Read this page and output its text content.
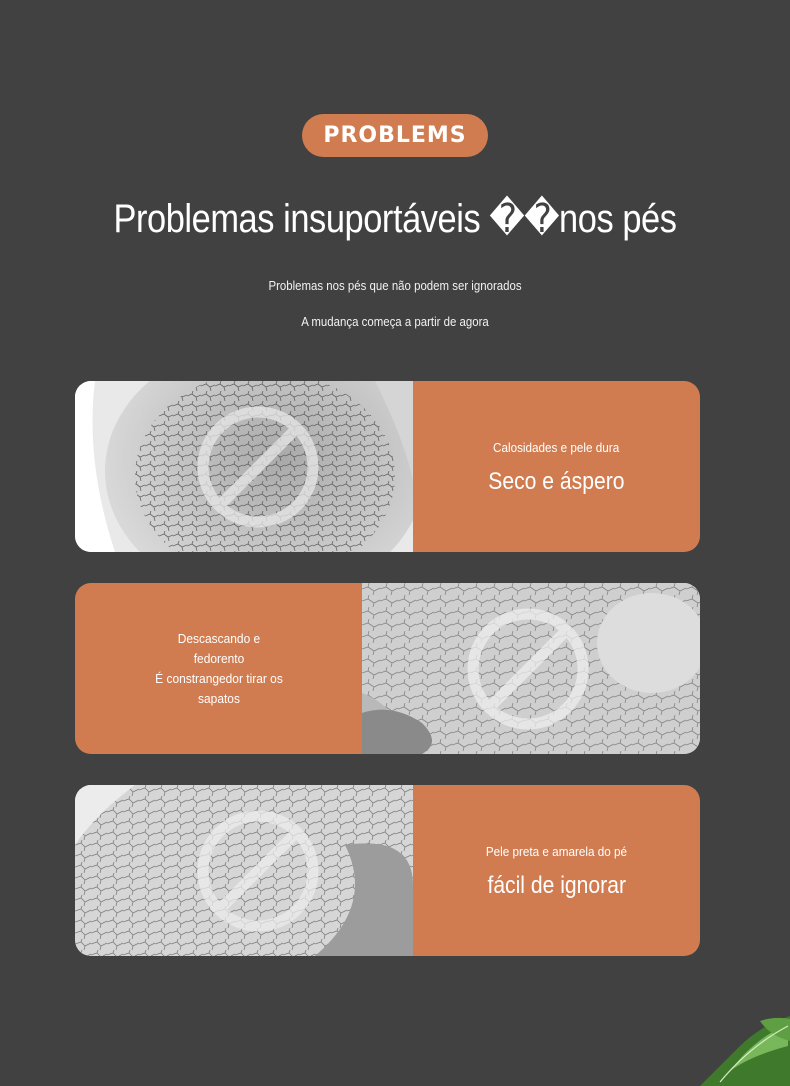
PROBLEMS
Problemas insuportáveis ��nos pés
Problemas nos pés que não podem ser ignorados
A mudança começa a partir de agora
Calosidades e pele dura
Seco e áspero
Descascando e
fedorento
É constrangedor tirar os
sapatos
Pele preta e amarela do pé
fácil de ignorar
